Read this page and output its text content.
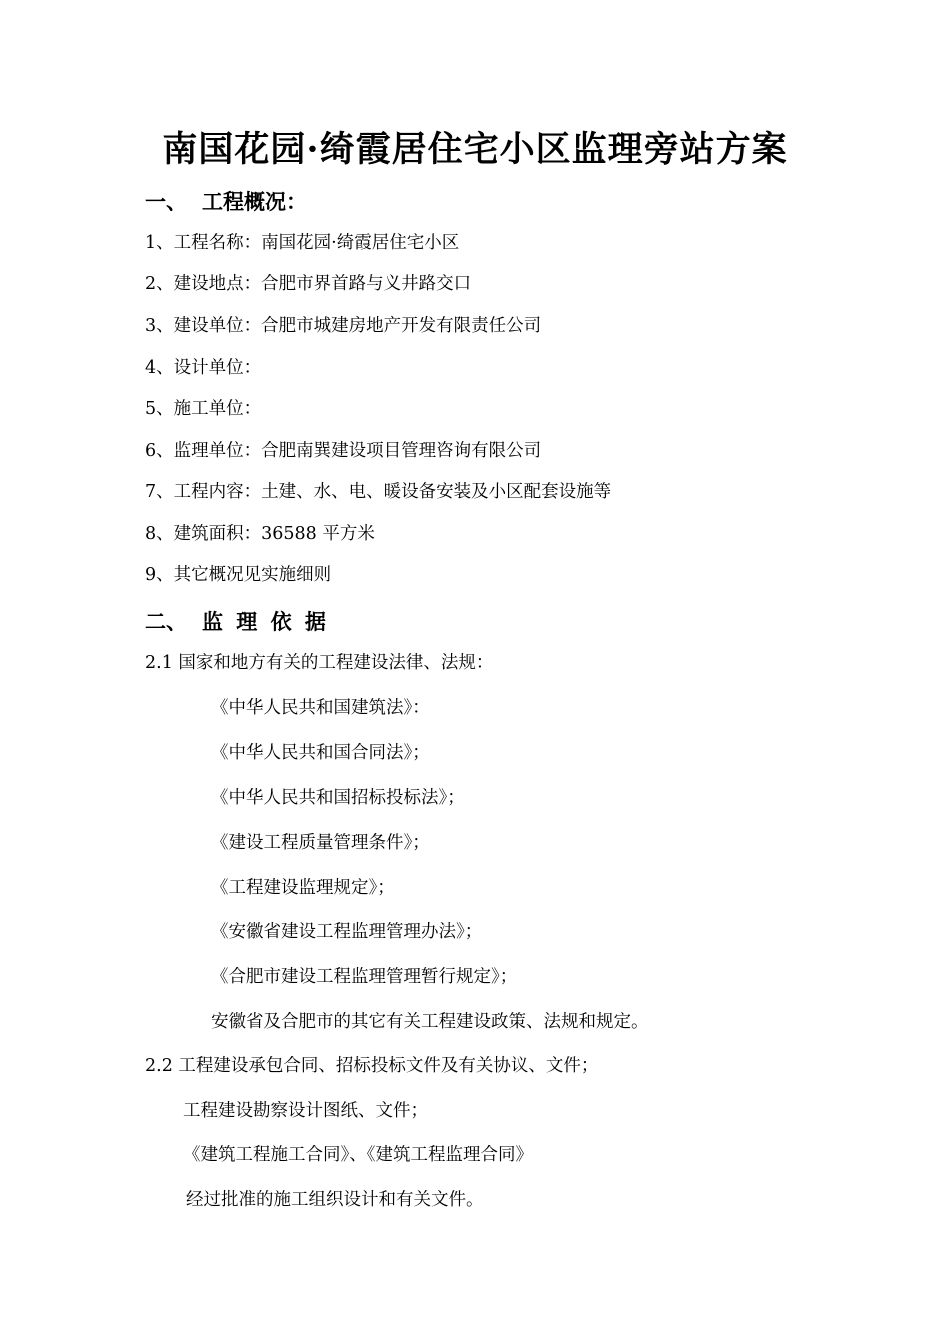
南国花园·绮霞居住宅小区监理旁站方案
一、 工程概况：
1、工程名称：南国花园·绮霞居住宅小区
2、建设地点：合肥市界首路与义井路交口
3、建设单位：合肥市城建房地产开发有限责任公司
4、设计单位：
5、施工单位：
6、监理单位：合肥南巽建设项目管理咨询有限公司
7、工程内容：土建、水、电、暖设备安装及小区配套设施等
8、建筑面积：36588 平方米
9、其它概况见实施细则
二、 监 理 依 据
2.1 国家和地方有关的工程建设法律、法规：
《中华人民共和国建筑法》：
《中华人民共和国合同法》；
《中华人民共和国招标投标法》；
《建设工程质量管理条件》；
《工程建设监理规定》；
《安徽省建设工程监理管理办法》；
《合肥市建设工程监理管理暂行规定》；
安徽省及合肥市的其它有关工程建设政策、法规和规定。
2.2 工程建设承包合同、招标投标文件及有关协议、文件；
工程建设勘察设计图纸、文件；
《建筑工程施工合同》、《建筑工程监理合同》
经过批准的施工组织设计和有关文件。
